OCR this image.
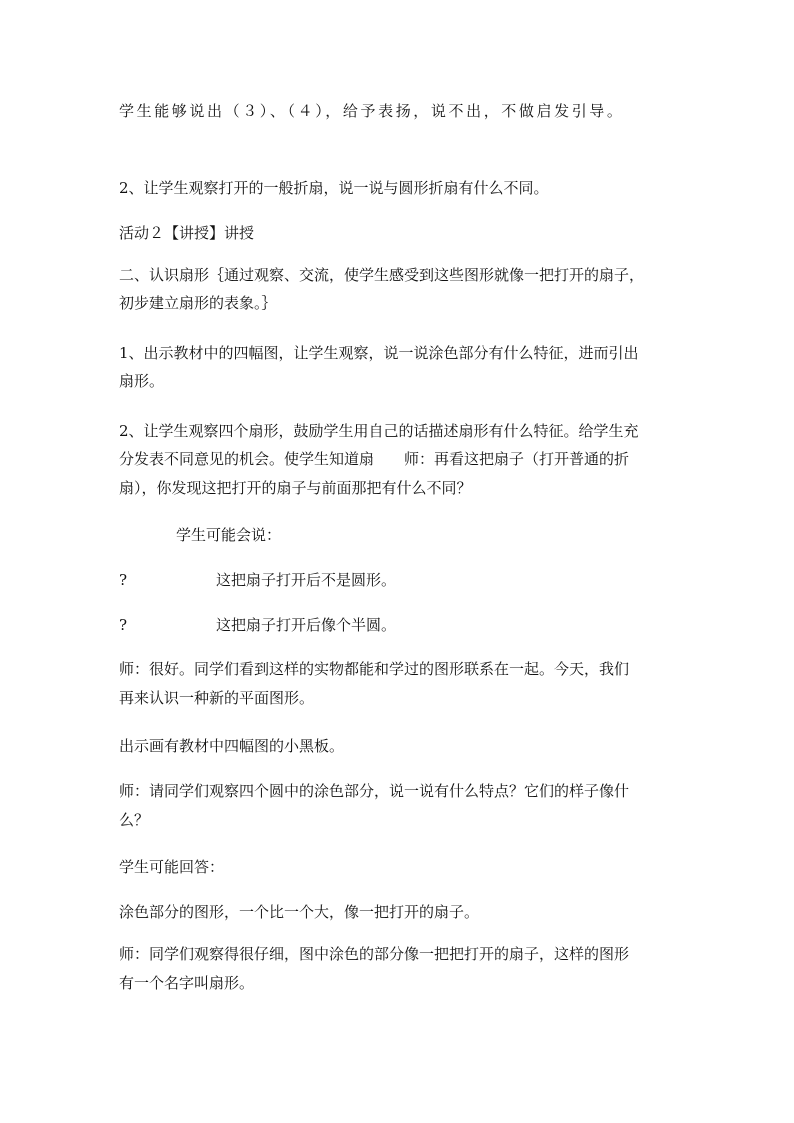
学生能够说出（３）、（４），给予表扬，说不出，不做启发引导。

2、让学生观察打开的一般折扇，说一说与圆形折扇有什么不同。

活动２【讲授】讲授

二、认识扇形｛通过观察、交流，使学生感受到这些图形就像一把打开的扇子，

初步建立扇形的表象。｝

1、出示教材中的四幅图，让学生观察，说一说涂色部分有什么特征，进而引出

扇形。

2、让学生观察四个扇形，鼓励学生用自己的话描述扇形有什么特征。给学生充

分发表不同意见的机会。使学生知道扇　　师：再看这把扇子（打开普通的折

扇），你发现这把打开的扇子与前面那把有什么不同？

学生可能会说：

?	这把扇子打开后不是圆形。
?	这把扇子打开后像个半圆。

师：很好。同学们看到这样的实物都能和学过的图形联系在一起。今天，我们

再来认识一种新的平面图形。

出示画有教材中四幅图的小黑板。

师：请同学们观察四个圆中的涂色部分，说一说有什么特点？它们的样子像什

么？

学生可能回答：

涂色部分的图形，一个比一个大，像一把打开的扇子。

师：同学们观察得很仔细，图中涂色的部分像一把把打开的扇子，这样的图形

有一个名字叫扇形。
